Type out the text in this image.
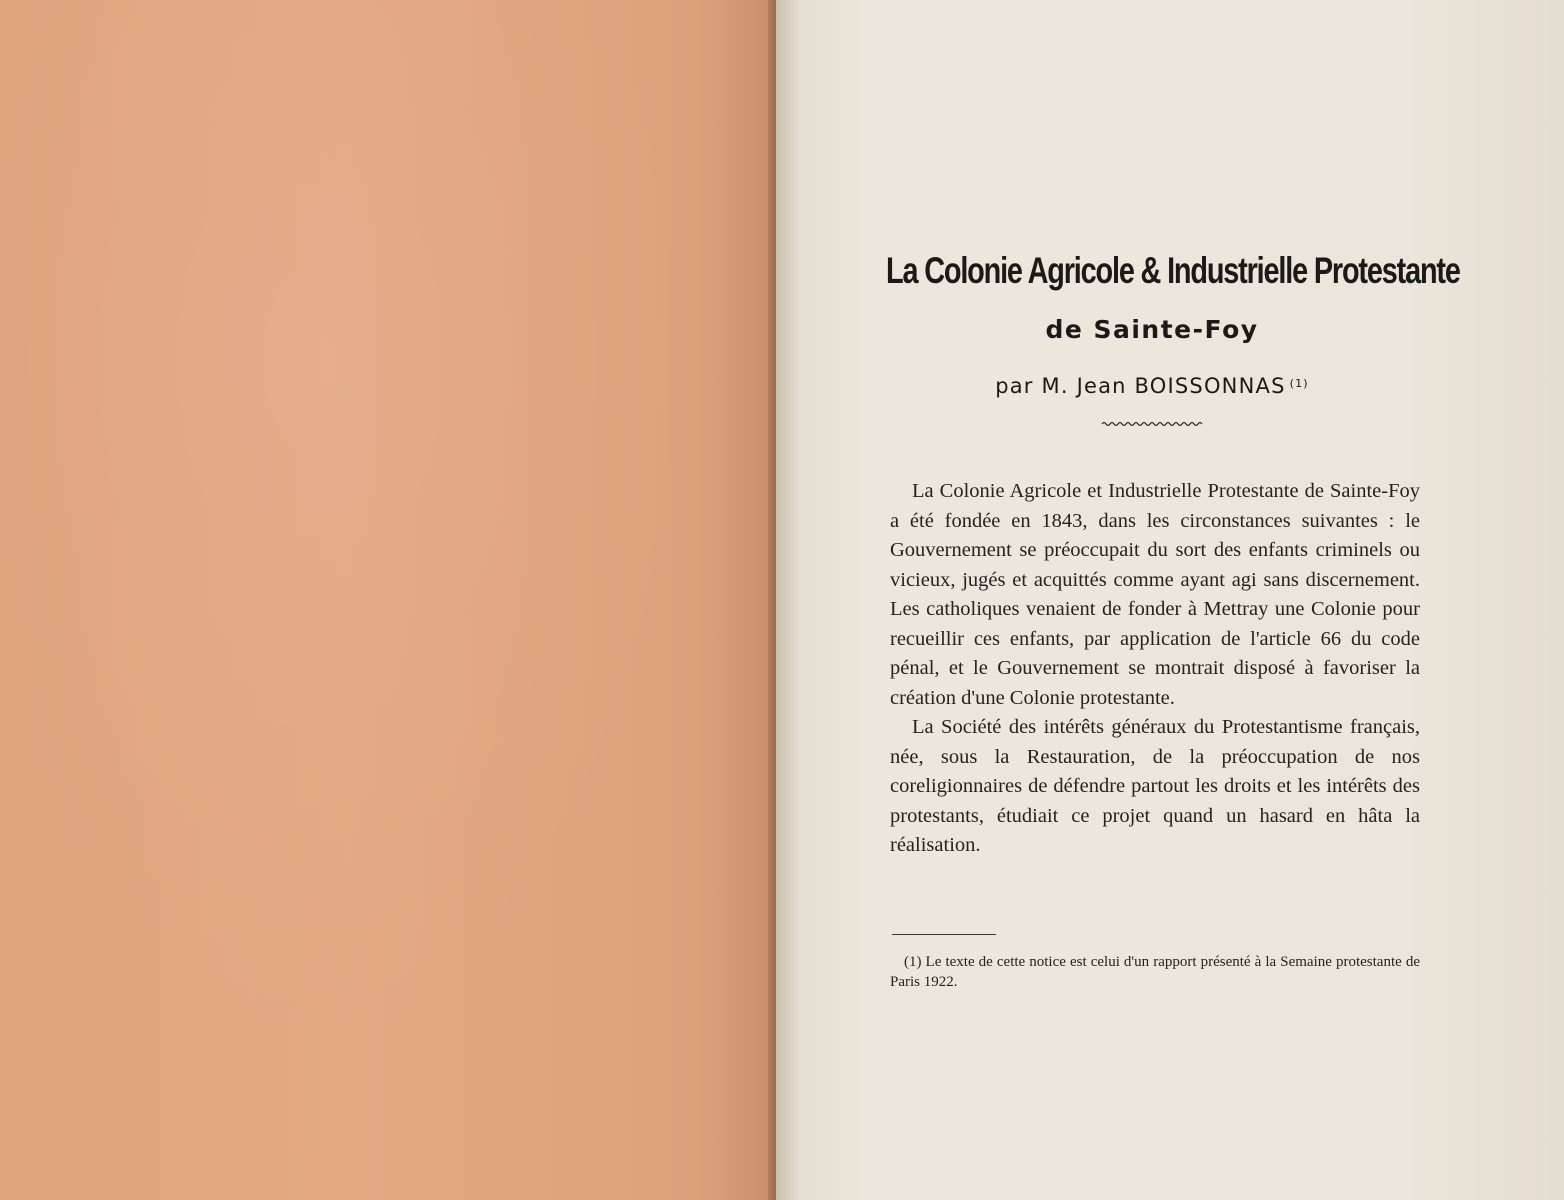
La Colonie Agricole & Industrielle Protestante
de Sainte-Foy
par M. Jean BOISSONNAS $^{(1)}$

La Colonie Agricole et Industrielle Protestante de Sainte-Foy a été fondée en 1843, dans les circonstances suivantes : le Gouvernement se préoccupait du sort des enfants criminels ou vicieux, jugés et acquittés comme ayant agi sans discernement. Les catholiques venaient de fonder à Mettray une Colonie pour recueillir ces enfants, par application de l'article 66 du code pénal, et le Gouvernement se montrait disposé à favoriser la création d'une Colonie protestante.

La Société des intérêts généraux du Protestantisme français, née, sous la Restauration, de la préoccupation de nos coreligionnaires de défendre partout les droits et les intérêts des protestants, étudiait ce projet quand un hasard en hâta la réalisation.

(1) Le texte de cette notice est celui d'un rapport présenté à la Semaine protestante de Paris 1922.
